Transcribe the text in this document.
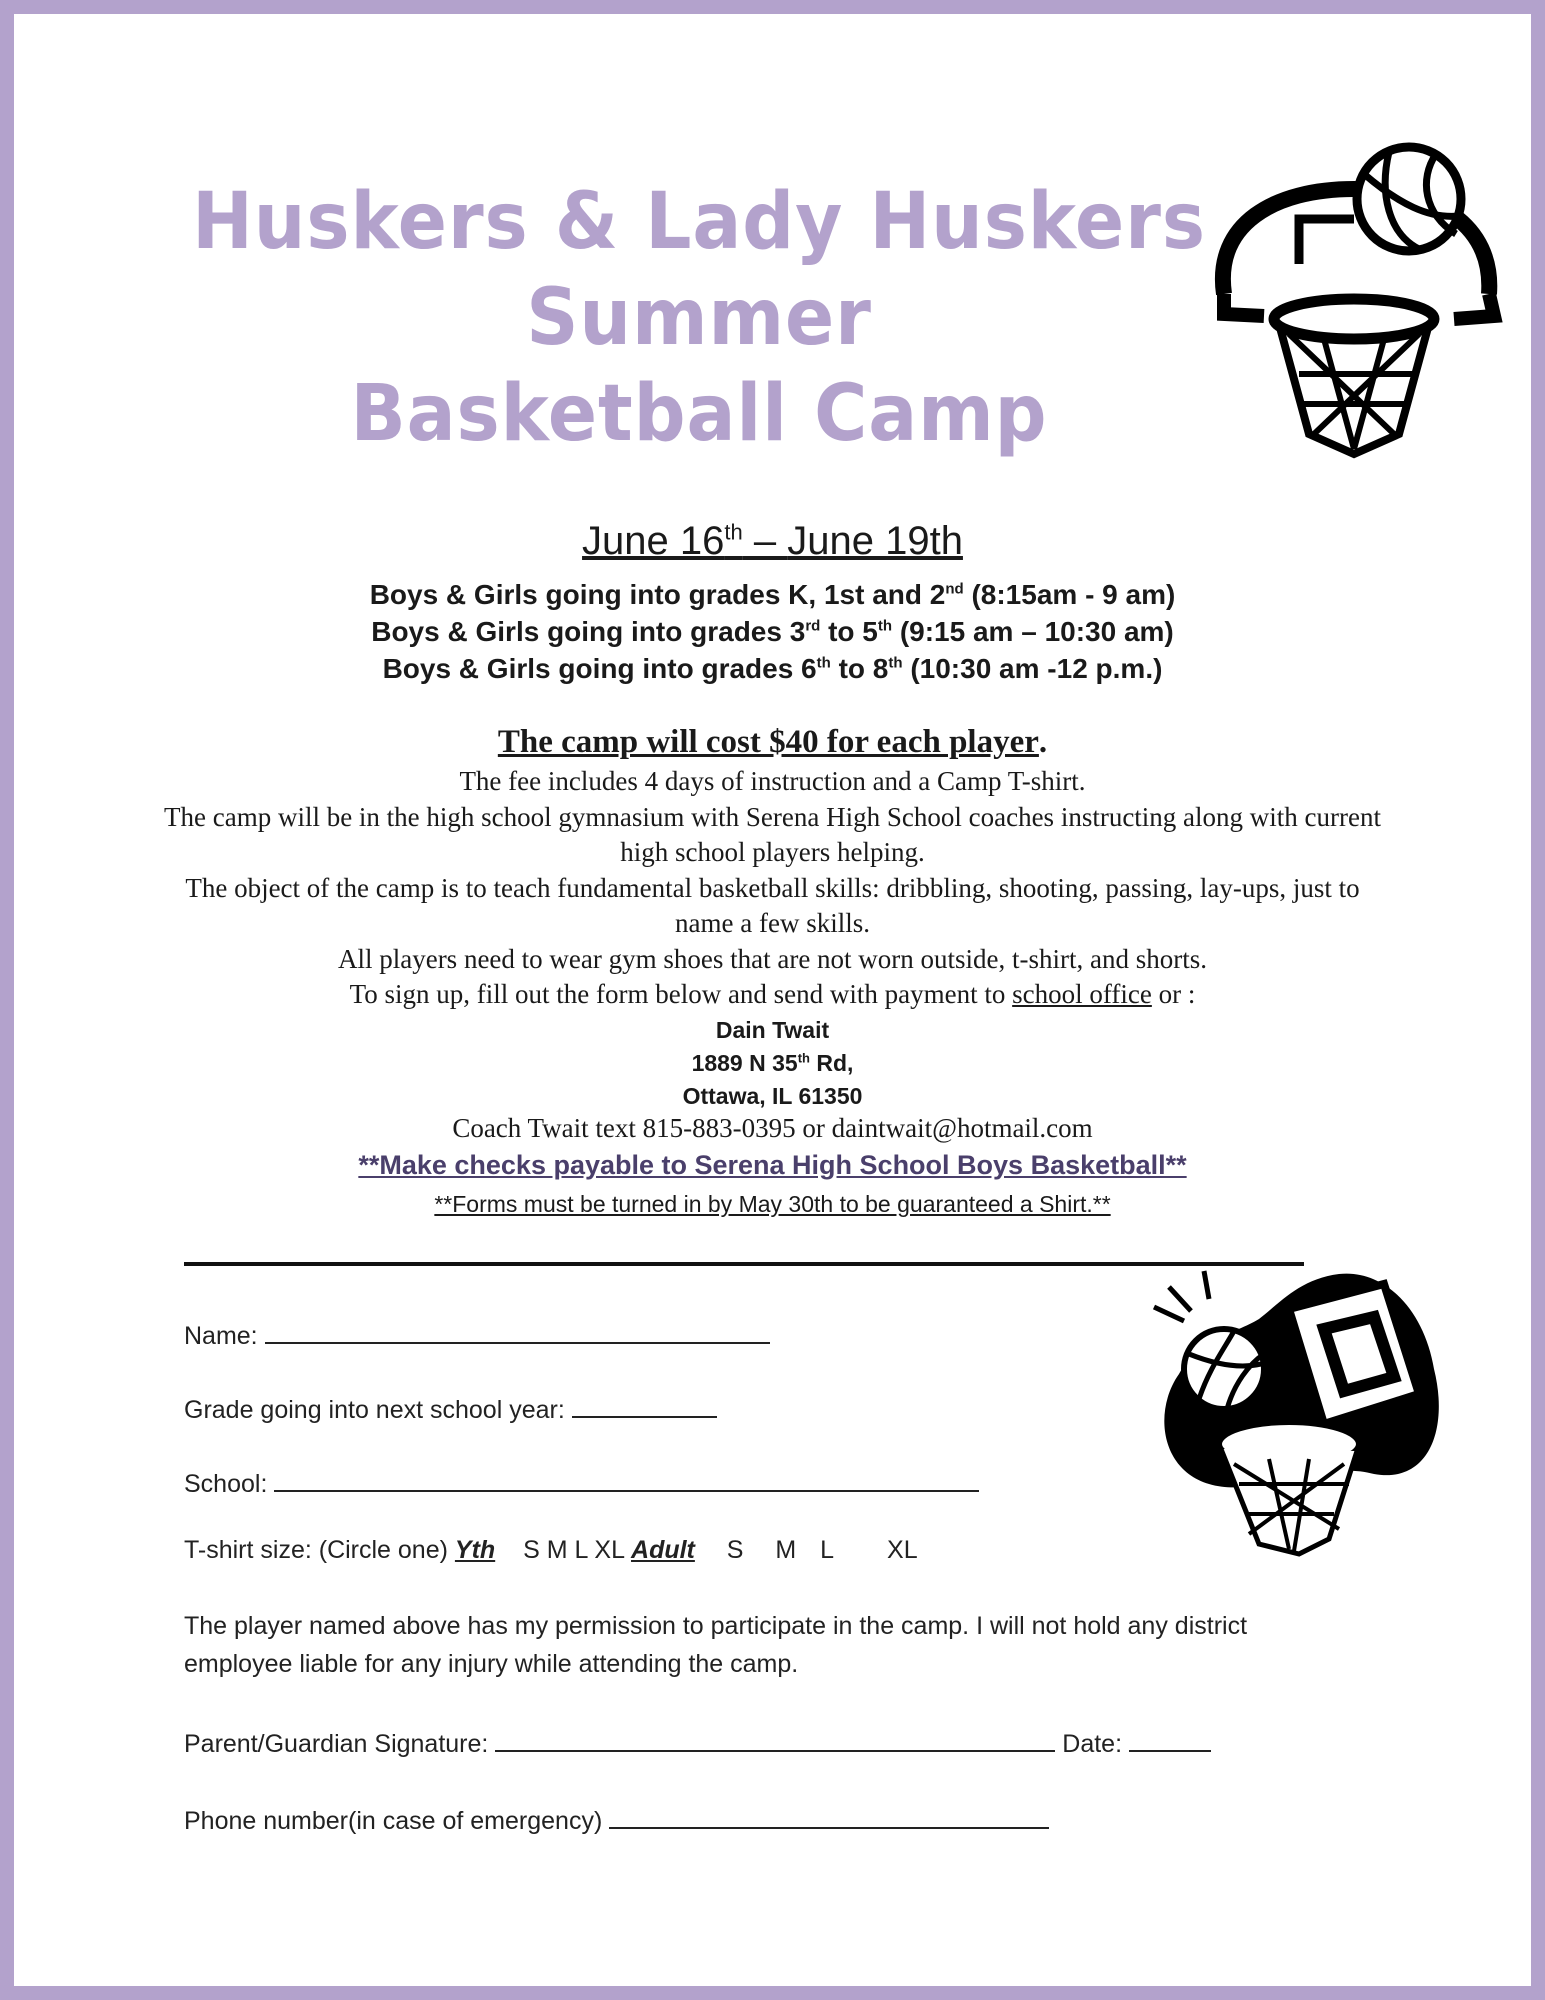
Huskers & Lady Huskers
Summer
Basketball Camp
June 16th – June 19th
Boys & Girls going into grades K, 1st and 2nd (8:15am - 9 am)
Boys & Girls going into grades 3rd to 5th (9:15 am – 10:30 am)
Boys & Girls going into grades 6th to 8th (10:30 am -12 p.m.)
The camp will cost $40 for each player.
The fee includes 4 days of instruction and a Camp T-shirt.
The camp will be in the high school gymnasium with Serena High School coaches instructing along with current high school players helping.
The object of the camp is to teach fundamental basketball skills: dribbling, shooting, passing, lay-ups, just to name a few skills.
All players need to wear gym shoes that are not worn outside, t-shirt, and shorts.
To sign up, fill out the form below and send with payment to school office or :
Dain Twait
1889 N 35th Rd,
Ottawa, IL 61350
Coach Twait text 815-883-0395 or daintwait@hotmail.com
**Make checks payable to Serena High School Boys Basketball**
**Forms must be turned in by May 30th to be guaranteed a Shirt.**
Name:
Grade going into next school year:
School:
T-shirt size: (Circle one) Yth S M L XL Adult S M L XL
The player named above has my permission to participate in the camp. I will not hold any district employee liable for any injury while attending the camp.
Parent/Guardian Signature:	Date:
Phone number(in case of emergency)
